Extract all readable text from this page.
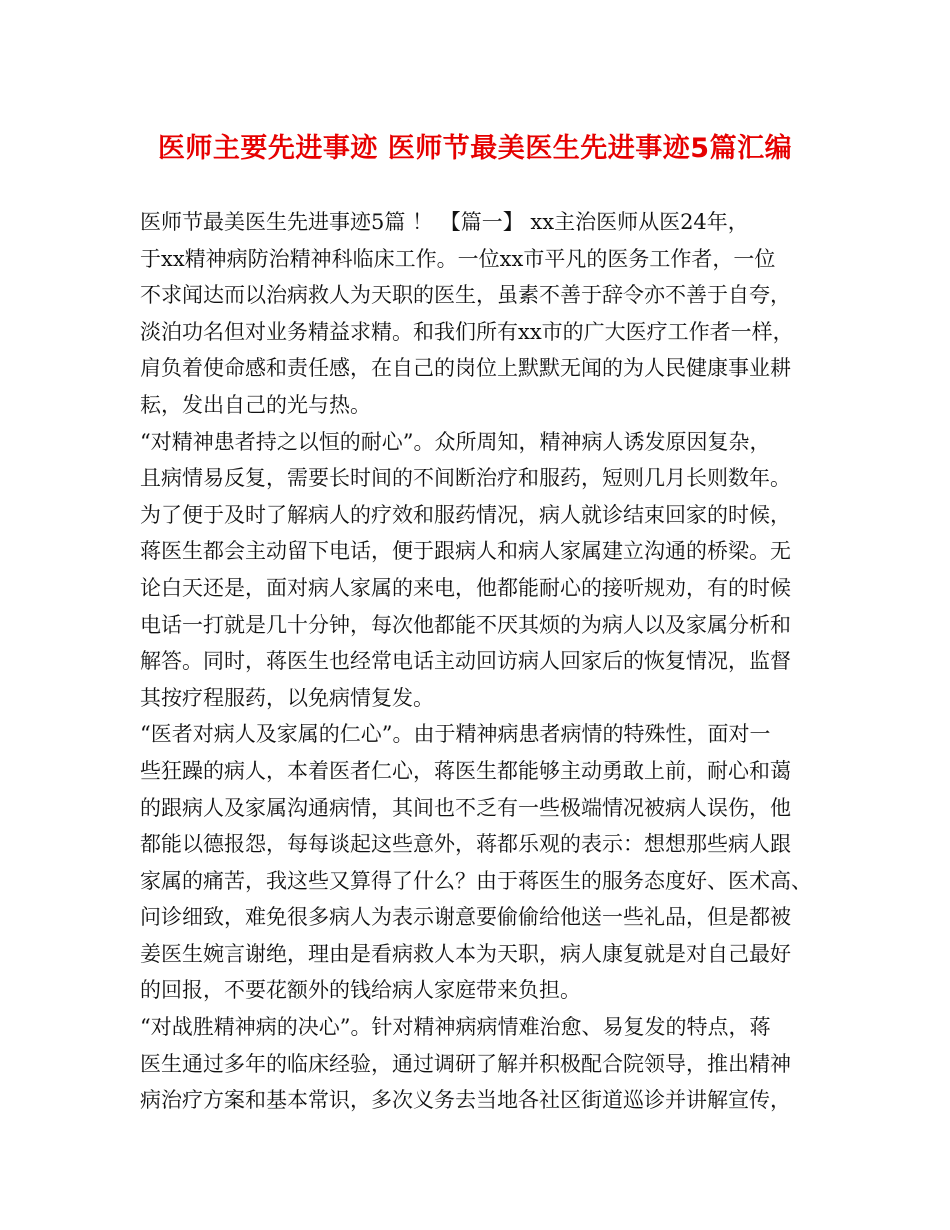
医师主要先进事迹 医师节最美医生先进事迹5篇汇编
医师节最美医生先进事迹5篇 ！ 【篇一】 xx主治医师从医24年，
于xx精神病防治精神科临床工作。一位xx市平凡的医务工作者，一位
不求闻达而以治病救人为天职的医生，虽素不善于辞令亦不善于自夸，
淡泊功名但对业务精益求精。和我们所有xx市的广大医疗工作者一样，
肩负着使命感和责任感，在自己的岗位上默默无闻的为人民健康事业耕
耘，发出自己的光与热。
“对精神患者持之以恒的耐心”。众所周知，精神病人诱发原因复杂，
且病情易反复，需要长时间的不间断治疗和服药，短则几月长则数年。
为了便于及时了解病人的疗效和服药情况，病人就诊结束回家的时候，
蒋医生都会主动留下电话，便于跟病人和病人家属建立沟通的桥梁。无
论白天还是，面对病人家属的来电，他都能耐心的接听规劝，有的时候
电话一打就是几十分钟，每次他都能不厌其烦的为病人以及家属分析和
解答。同时，蒋医生也经常电话主动回访病人回家后的恢复情况，监督
其按疗程服药，以免病情复发。
“医者对病人及家属的仁心”。由于精神病患者病情的特殊性，面对一
些狂躁的病人，本着医者仁心，蒋医生都能够主动勇敢上前，耐心和蔼
的跟病人及家属沟通病情，其间也不乏有一些极端情况被病人误伤，他
都能以德报怨，每每谈起这些意外，蒋都乐观的表示：想想那些病人跟
家属的痛苦，我这些又算得了什么？由于蒋医生的服务态度好、医术高、
问诊细致，难免很多病人为表示谢意要偷偷给他送一些礼品，但是都被
姜医生婉言谢绝，理由是看病救人本为天职，病人康复就是对自己最好
的回报，不要花额外的钱给病人家庭带来负担。
“对战胜精神病的决心”。针对精神病病情难治愈、易复发的特点，蒋
医生通过多年的临床经验，通过调研了解并积极配合院领导，推出精神
病治疗方案和基本常识，多次义务去当地各社区街道巡诊并讲解宣传，
